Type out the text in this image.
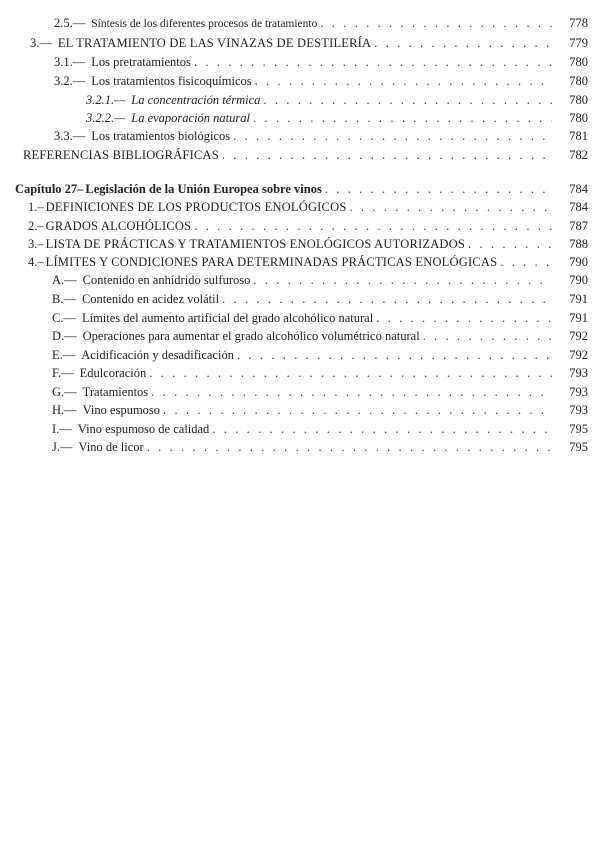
2.5.— Síntesis de los diferentes procesos de tratamiento . . .	778
3.— EL TRATAMIENTO DE LAS VINAZAS DE DESTILERÍA . . .	779
3.1.— Los pretratamientos . . .	780
3.2.— Los tratamientos fisicoquímicos . . .	780
3.2.1.— La concentración térmica . . .	780
3.2.2.— La evaporación natural . . .	780
3.3.— Los tratamientos biológicos . . .	781
REFERENCIAS BIBLIOGRÁFICAS . . .	782
Capítulo 27– Legislación de la Unión Europea sobre vinos . . .	784
1.– DEFINICIONES DE LOS PRODUCTOS ENOLÓGICOS . . .	784
2.– GRADOS ALCOHÓLICOS . . .	787
3.– LISTA DE PRÁCTICAS Y TRATAMIENTOS ENOLÓGICOS AUTORIZADOS . . .	788
4.– LÍMITES Y CONDICIONES PARA DETERMINADAS PRÁCTICAS ENOLÓGICAS . . .	790
A.— Contenido en anhídrido sulfuroso . . .	790
B.— Contenido en acidez volátil . . .	791
C.— Límites del aumento artificial del grado alcohólico natural . . .	791
D.— Operaciones para aumentar el grado alcohólico volumétrico natural . . .	792
E.— Acidificación y desadificación . . .	792
F.— Edulcoración . . .	793
G.— Tratamientos . . .	793
H.— Vino espumoso . . .	793
I.— Vino espumoso de calidad . . .	795
J.— Vino de licor . . .	795
